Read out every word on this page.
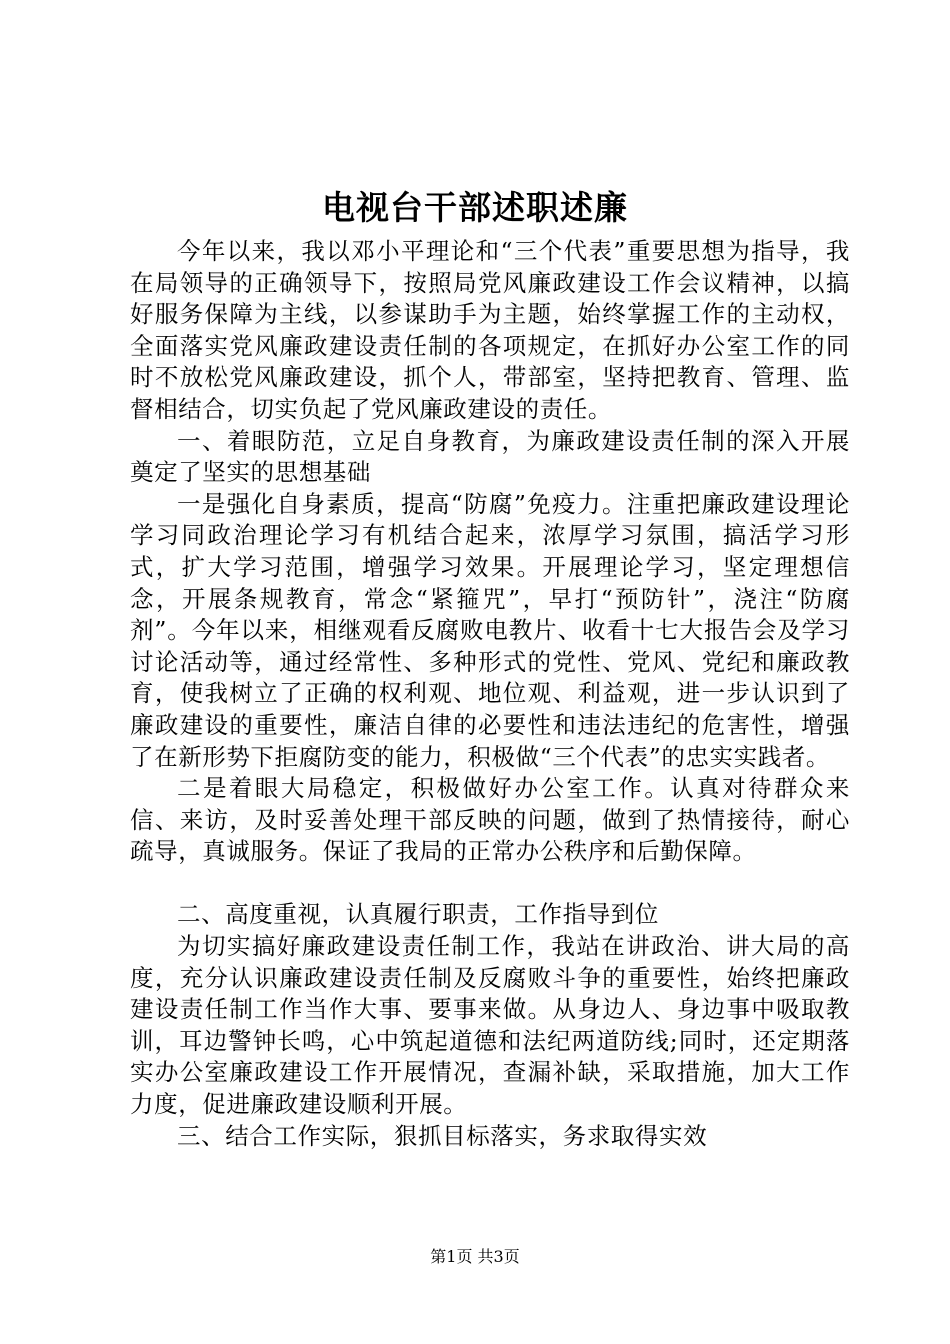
电视台干部述职述廉

今年以来，我以邓小平理论和“三个代表”重要思想为指导，我在局领导的正确领导下，按照局党风廉政建设工作会议精神，以搞好服务保障为主线，以参谋助手为主题，始终掌握工作的主动权，全面落实党风廉政建设责任制的各项规定，在抓好办公室工作的同时不放松党风廉政建设，抓个人，带部室，坚持把教育、管理、监督相结合，切实负起了党风廉政建设的责任。

一、着眼防范，立足自身教育，为廉政建设责任制的深入开展奠定了坚实的思想基础

一是强化自身素质，提高“防腐”免疫力。注重把廉政建设理论学习同政治理论学习有机结合起来，浓厚学习氛围，搞活学习形式，扩大学习范围，增强学习效果。开展理论学习，坚定理想信念，开展条规教育，常念“紧箍咒”，早打“预防针”，浇注“防腐剂”。今年以来，相继观看反腐败电教片、收看十七大报告会及学习讨论活动等，通过经常性、多种形式的党性、党风、党纪和廉政教育，使我树立了正确的权利观、地位观、利益观，进一步认识到了廉政建设的重要性，廉洁自律的必要性和违法违纪的危害性，增强了在新形势下拒腐防变的能力，积极做“三个代表”的忠实实践者。

二是着眼大局稳定，积极做好办公室工作。认真对待群众来信、来访，及时妥善处理干部反映的问题，做到了热情接待，耐心疏导，真诚服务。保证了我局的正常办公秩序和后勤保障。

二、高度重视，认真履行职责，工作指导到位

为切实搞好廉政建设责任制工作，我站在讲政治、讲大局的高度，充分认识廉政建设责任制及反腐败斗争的重要性，始终把廉政建设责任制工作当作大事、要事来做。从身边人、身边事中吸取教训，耳边警钟长鸣，心中筑起道德和法纪两道防线;同时，还定期落实办公室廉政建设工作开展情况，查漏补缺，采取措施，加大工作力度，促进廉政建设顺利开展。

三、结合工作实际，狠抓目标落实，务求取得实效

第1页 共3页
